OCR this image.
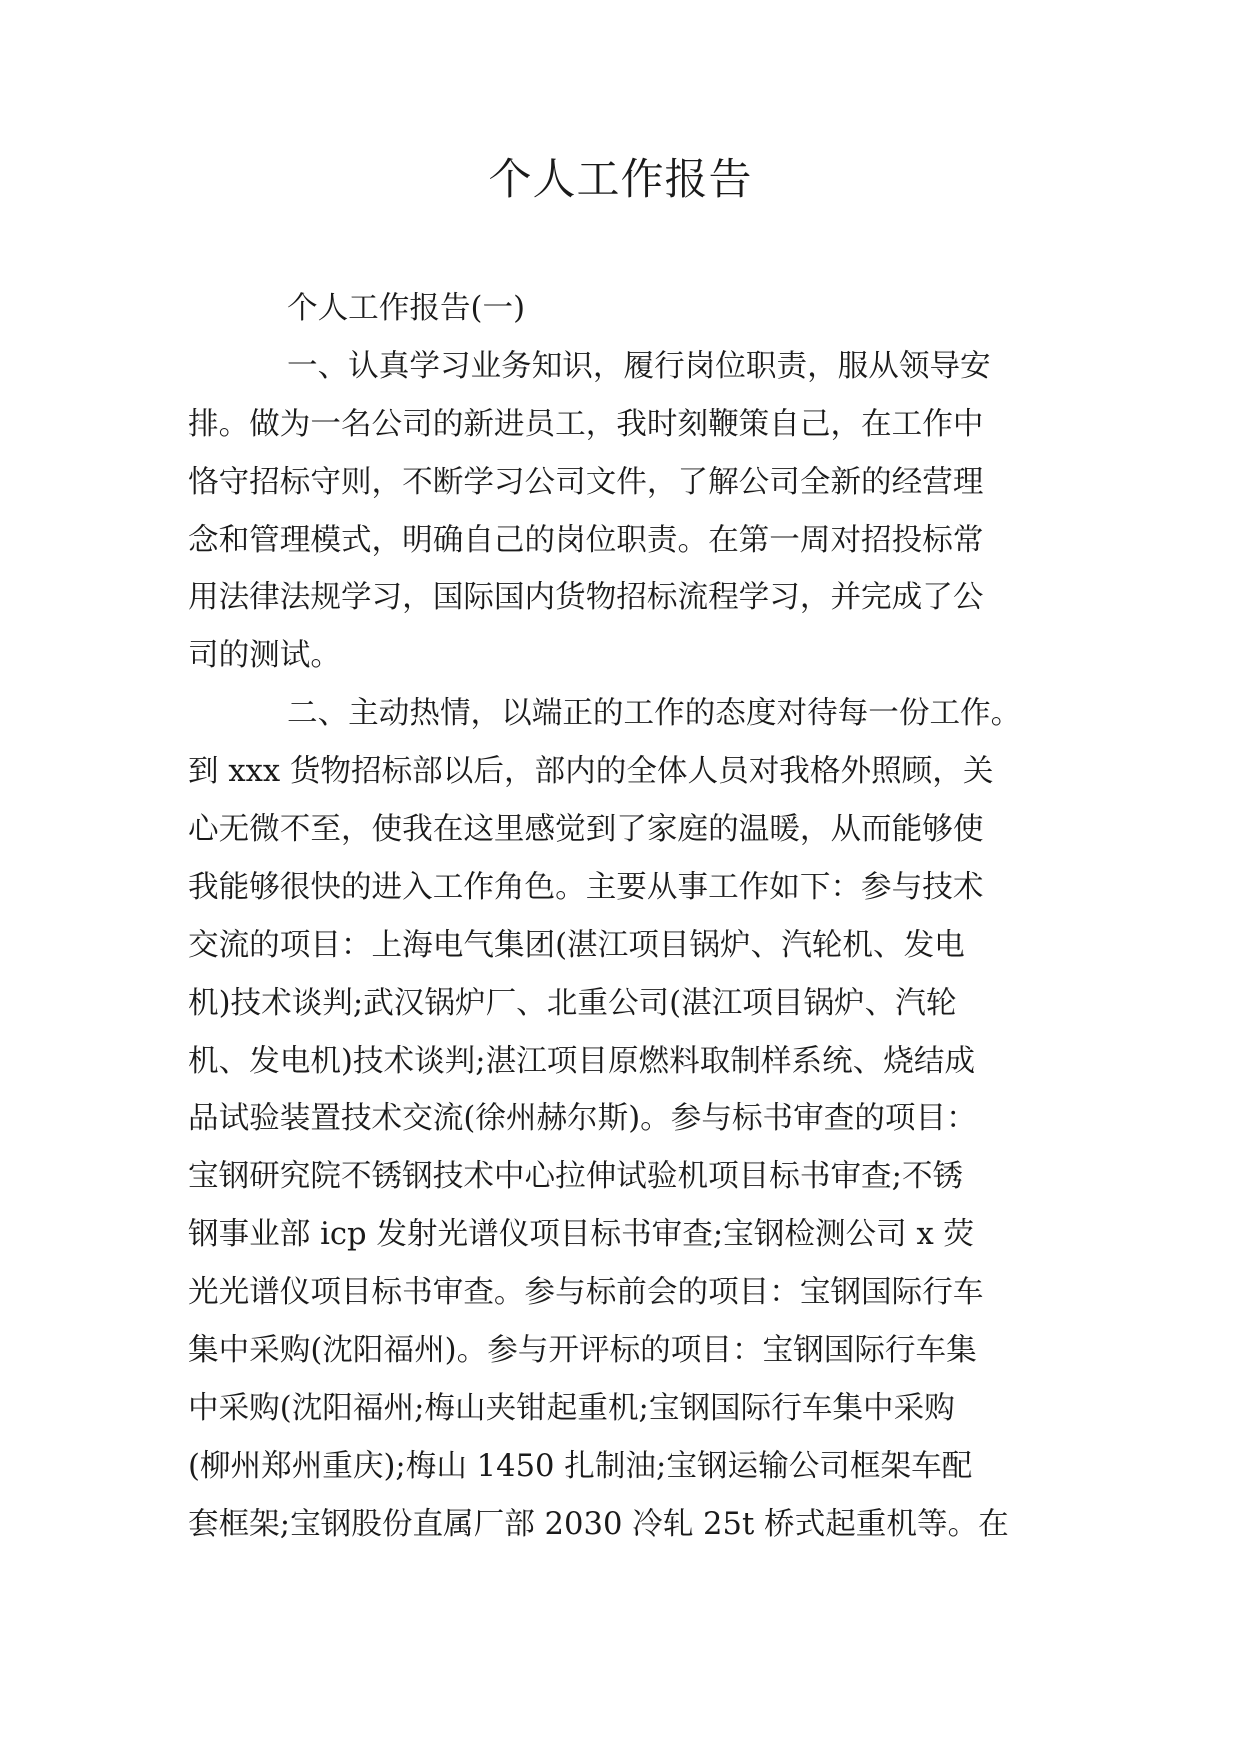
个人工作报告
个人工作报告(一)
一、认真学习业务知识，履行岗位职责，服从领导安
排。做为一名公司的新进员工，我时刻鞭策自己，在工作中
恪守招标守则，不断学习公司文件，了解公司全新的经营理
念和管理模式，明确自己的岗位职责。在第一周对招投标常
用法律法规学习，国际国内货物招标流程学习，并完成了公
司的测试。
二、主动热情，以端正的工作的态度对待每一份工作。
到 xxx 货物招标部以后，部内的全体人员对我格外照顾，关
心无微不至，使我在这里感觉到了家庭的温暖，从而能够使
我能够很快的进入工作角色。主要从事工作如下：参与技术
交流的项目：上海电气集团(湛江项目锅炉、汽轮机、发电
机)技术谈判;武汉锅炉厂、北重公司(湛江项目锅炉、汽轮
机、发电机)技术谈判;湛江项目原燃料取制样系统、烧结成
品试验装置技术交流(徐州赫尔斯)。参与标书审查的项目：
宝钢研究院不锈钢技术中心拉伸试验机项目标书审查;不锈
钢事业部 icp 发射光谱仪项目标书审查;宝钢检测公司 x 荧
光光谱仪项目标书审查。参与标前会的项目：宝钢国际行车
集中采购(沈阳福州)。参与开评标的项目：宝钢国际行车集
中采购(沈阳福州;梅山夹钳起重机;宝钢国际行车集中采购
(柳州郑州重庆);梅山 1450 扎制油;宝钢运输公司框架车配
套框架;宝钢股份直属厂部 2030 冷轧 25t 桥式起重机等。在
